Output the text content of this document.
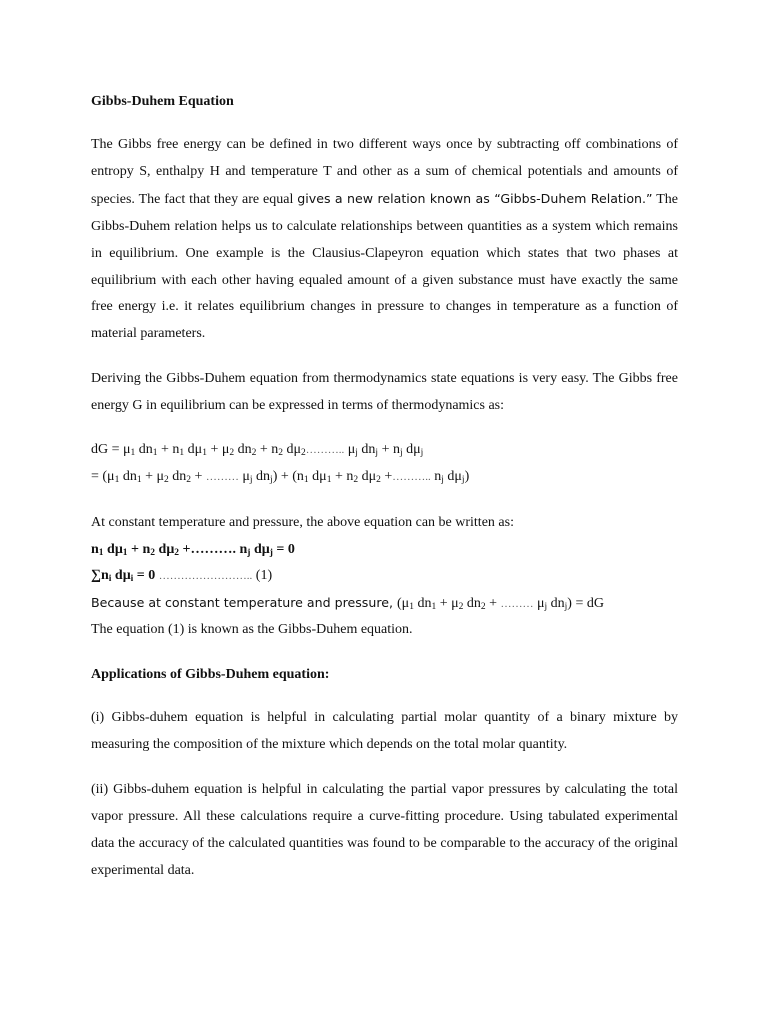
Gibbs-Duhem Equation
The Gibbs free energy can be defined in two different ways once by subtracting off combinations of entropy S, enthalpy H and temperature T and other as a sum of chemical potentials and amounts of species. The fact that they are equal gives a new relation known as “Gibbs-Duhem Relation.” The Gibbs-Duhem relation helps us to calculate relationships between quantities as a system which remains in equilibrium. One example is the Clausius-Clapeyron equation which states that two phases at equilibrium with each other having equaled amount of a given substance must have exactly the same free energy i.e. it relates equilibrium changes in pressure to changes in temperature as a function of material parameters.
Deriving the Gibbs-Duhem equation from thermodynamics state equations is very easy. The Gibbs free energy G in equilibrium can be expressed in terms of thermodynamics as:
dG = $\mu_1$ $dn_1 + n_1$ $d\mu_1 + \mu_2$ $dn_2 + n_2$ $d\mu_2\dots\dots\dots$.. $\mu_j$ $dn_j + n_j$ $d\mu_j$
= ($\mu_1$ $dn_1 + \mu_2$ $dn_2$ + ……… $\mu_j$ $dn_j) + (n_1$ $d\mu_1 + n_2$ $d\mu_2$ +……….. $n_j$ $d\mu_j$)
At constant temperature and pressure, the above equation can be written as:
$n_1$ $d\mu_1 + n_2$ $d\mu_2$ +………. $n_j$ $d\mu_j = 0$
$\sum n_i$ $d\mu_i = 0$ …………………….. (1)
Because at constant temperature and pressure, ($\mu_1$ $dn_1 + \mu_2$ $dn_2$ + ……… $\mu_j$ $dn_j$) = dG
The equation (1) is known as the Gibbs-Duhem equation.
Applications of Gibbs-Duhem equation:
(i) Gibbs-duhem equation is helpful in calculating partial molar quantity of a binary mixture by measuring the composition of the mixture which depends on the total molar quantity.
(ii) Gibbs-duhem equation is helpful in calculating the partial vapor pressures by calculating the total vapor pressure. All these calculations require a curve-fitting procedure. Using tabulated experimental data the accuracy of the calculated quantities was found to be comparable to the accuracy of the original experimental data.
